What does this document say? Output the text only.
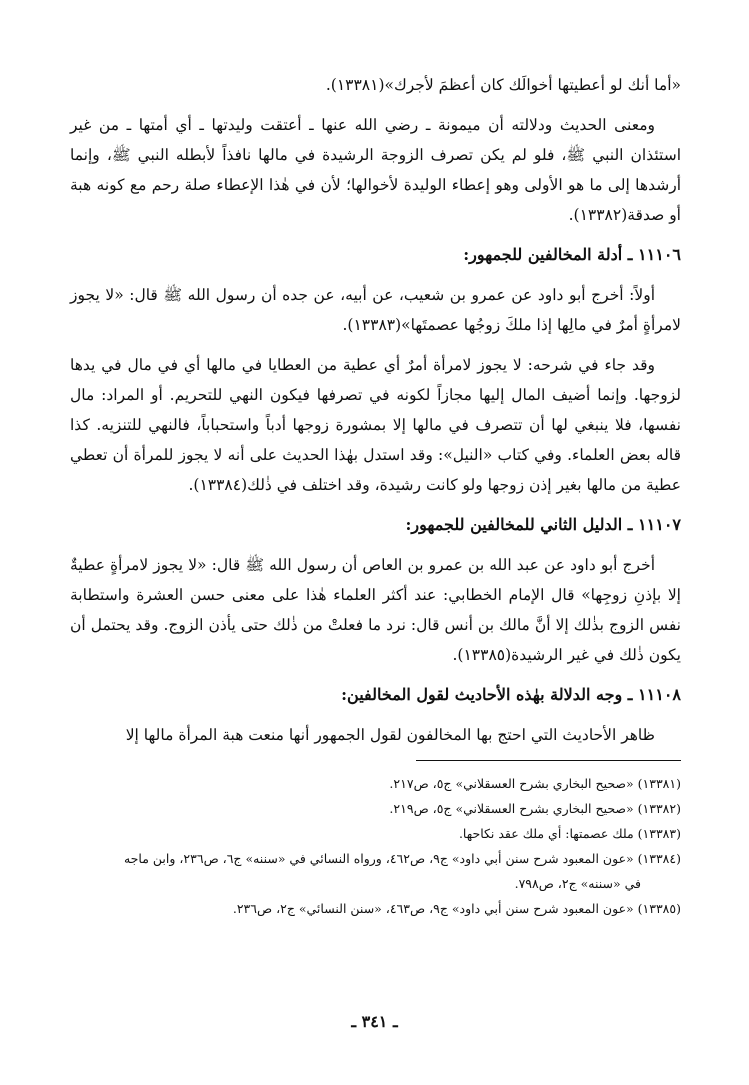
«أما أنك لو أعطيتها أخوالَك كان أعظمَ لأجرك»(١٣٣٨١).

ومعنى الحديث ودلالته أن ميمونة ـ رضي الله عنها ـ أعتقت وليدتها ـ أي أمتها ـ من غير استئذان النبي ﷺ، فلو لم يكن تصرف الزوجة الرشيدة في مالها نافذاً لأبطله النبي ﷺ، وإنما أرشدها إلى ما هو الأولى وهو إعطاء الوليدة لأخوالها؛ لأن في هٰذا الإعطاء صلة رحم مع كونه هبة أو صدقة(١٣٣٨٢).

١١١٠٦ ـ أدلة المخالفين للجمهور:

أولاً: أخرج أبو داود عن عمرو بن شعيب، عن أبيه، عن جده أن رسول الله ﷺ قال: «لا يجوز لامرأةٍ أمرٌ في مالِها إذا ملكَ زوجُها عصمتَها»(١٣٣٨٣).

وقد جاء في شرحه: لا يجوز لامرأة أمرٌ أي عطية من العطايا في مالها أي في مال في يدها لزوجها. وإنما أضيف المال إليها مجازاً لكونه في تصرفها فيكون النهي للتحريم. أو المراد: مال نفسها، فلا ينبغي لها أن تتصرف في مالها إلا بمشورة زوجها أدباً واستحباباً، فالنهي للتنزيه. كذا قاله بعض العلماء. وفي كتاب «النيل»: وقد استدل بهٰذا الحديث على أنه لا يجوز للمرأة أن تعطي عطية من مالها بغير إذن زوجها ولو كانت رشيدة، وقد اختلف في ذٰلك(١٣٣٨٤).

١١١٠٧ ـ الدليل الثاني للمخالفين للجمهور:

أخرج أبو داود عن عبد الله بن عمرو بن العاص أن رسول الله ﷺ قال: «لا يجوز لامرأةٍ عطيةٌ إلا بإذنِ زوجِها» قال الإمام الخطابي: عند أكثر العلماء هٰذا على معنى حسن العشرة واستطابة نفس الزوج بذٰلك إلا أنَّ مالك بن أنس قال: نرد ما فعلتْ من ذٰلك حتى يأذن الزوج. وقد يحتمل أن يكون ذٰلك في غير الرشيدة(١٣٣٨٥).

١١١٠٨ ـ وجه الدلالة بهٰذه الأحاديث لقول المخالفين:

ظاهر الأحاديث التي احتج بها المخالفون لقول الجمهور أنها منعت هبة المرأة مالها إلا

(١٣٣٨١) «صحيح البخاري بشرح العسقلاني» ج٥، ص٢١٧.

(١٣٣٨٢) «صحيح البخاري بشرح العسقلاني» ج٥، ص٢١٩.

(١٣٣٨٣) ملك عصمتها: أي ملك عقد نكاحها.

(١٣٣٨٤) «عون المعبود شرح سنن أبي داود» ج٩، ص٤٦٢، ورواه النسائي في «سننه» ج٦، ص٢٣٦، وابن ماجه
في «سننه» ج٢، ص٧٩٨.

(١٣٣٨٥) «عون المعبود شرح سنن أبي داود» ج٩، ص٤٦٣، «سنن النسائي» ج٢، ص٢٣٦.

ـ ٣٤١ ـ
